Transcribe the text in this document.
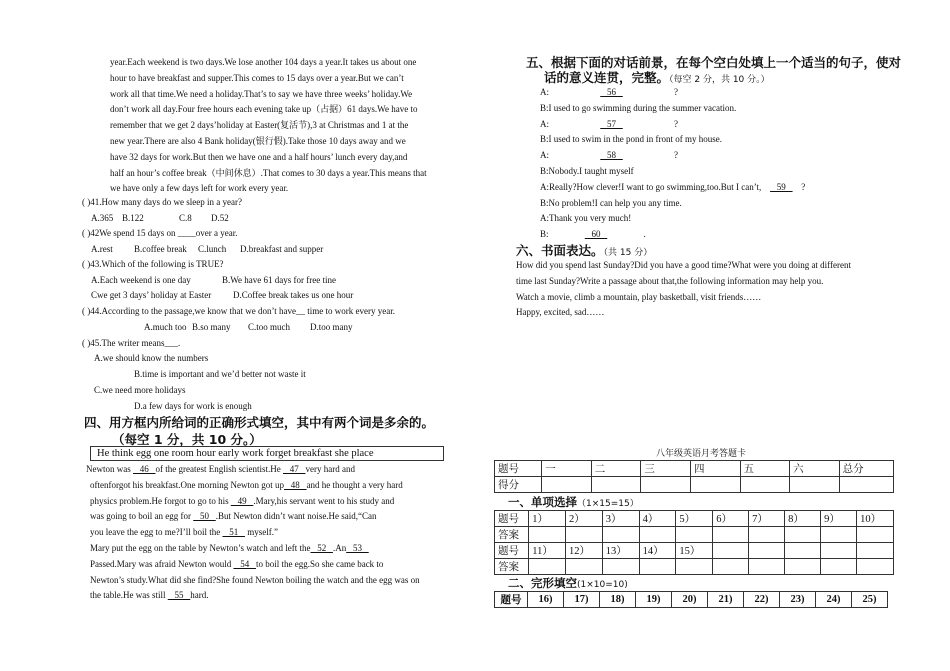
year.Each weekend is two days.We lose another 104 days a year.It takes us about one
hour to have breakfast and supper.This comes to 15 days over a year.But we can’t
work all that time.We need a holiday.That’s to say we have three weeks’ holiday.We
don’t work all day.Four free hours each evening take up（占据）61 days.We have to
remember that we get 2 days’holiday at Easter(复活节),3 at Christmas and 1 at the
new year.There are also 4 Bank holiday(银行假).Take those 10 days away and we
have 32 days for work.But then we have one and a half hours’ lunch every day,and
half an hour’s coffee break（中间休息）.That comes to 30 days a year.This means that
we have only a few days left for work every year.
( )41.How many days do we sleep in a year?
A.365 B.122	C.8 D.52
( )42We spend 15 days on ____over a year.
A.rest B.coffee break C.lunch D.breakfast and supper
( )43.Which of the following is TRUE?
A.Each weekend is one day	B.We have 61 days for free tine
Cwe get 3 days’ holiday at Easter D.Coffee break takes us one hour
( )44.According to the passage,we know that we don’t have__ time to work every year.
A.much too B.so many C.too much D.too many
( )45.The writer means___.
A.we should know the numbers
B.time is important and we’d better not waste it
C.we need more holidays
D.a few days for work is enough
四、用方框内所给词的正确形式填空，其中有两个词是多余的。
（每空 1 分，共 10 分。）
He think egg one room hour early work forget breakfast she place
Newton was    46   of the greatest English scientist.He    47   very hard and
oftenforgot his breakfast.One morning Newton got up   48   and he thought a very hard
physics problem.He forgot to go to his    49   .Mary,his servant went to his study and
was going to boil an egg for    50   .But Newton didn’t want noise.He said,“Can
you leave the egg to me?I’ll boil the    51    myself.”
Mary put the egg on the table by Newton’s watch and left the   52   .An   53
Passed.Mary was afraid Newton would    54   to boil the egg.So she came back to
Newton’s study.What did she find?She found Newton boiling the watch and the egg was on
the table.He was still    55   hard.
五、根据下面的对话前景，在每个空白处填上一个适当的句子，使对
话的意义连贯，完整。（每空 2 分，共 10 分。）
A:	56	?
B:I used to go swimming during the summer vacation.
A:	57	?
B:I used to swim in the pond in front of my house.
A:	58	?
B:Nobody.I taught myself
A:Really?How clever!I want to go swimming,too.But I can’t,   59   ?
B:No problem!I can help you any time.
A:Thank you very much!
B:	60	.
六、书面表达。（共 15 分）
How did you spend last Sunday?Did you have a good time?What were you doing at different
time last Sunday?Write a passage about that,the following information may help you.
Watch a movie, climb a mountain, play basketball, visit friends……
Happy, excited, sad……
八年级英语月考答题卡
题号	一	二	三	四	五	六	总分
得分							
一、单项选择（1×15=15）
题号	1）	2）	3）	4）	5）	6）	7）	8）	9）	10）
答案										
题号	11）	12）	13）	14）	15）					
答案										
二、完形填空(1×10=10)
题号	16)	17)	18)	19)	20)	21)	22)	23)	24)	25)
